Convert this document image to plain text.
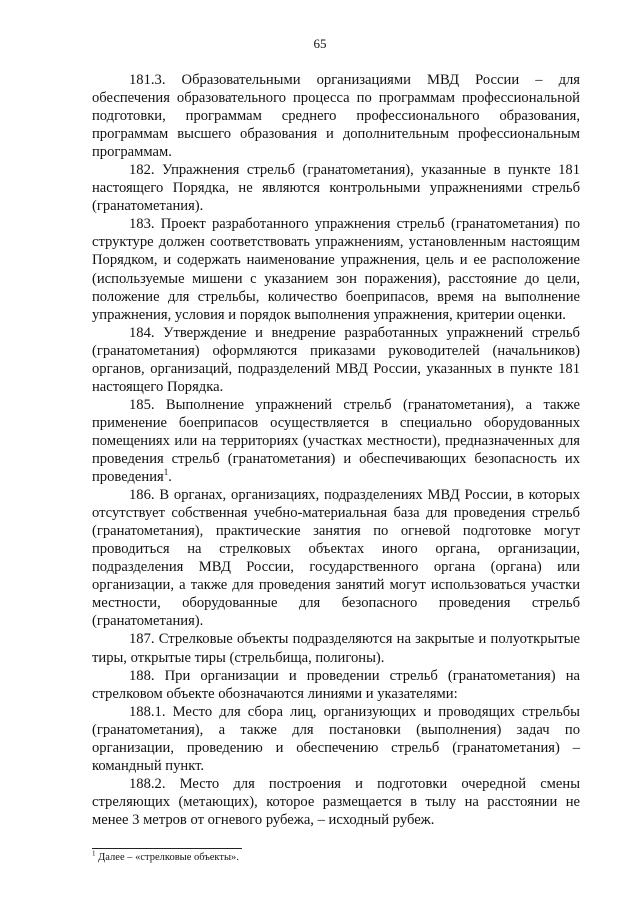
65

181.3. Образовательными организациями МВД России – для обеспечения образовательного процесса по программам профессиональной подготовки, программам среднего профессионального образования, программам высшего образования и дополнительным профессиональным программам.

182. Упражнения стрельб (гранатометания), указанные в пункте 181 настоящего Порядка, не являются контрольными упражнениями стрельб (гранатометания).

183. Проект разработанного упражнения стрельб (гранатометания) по структуре должен соответствовать упражнениям, установленным настоящим Порядком, и содержать наименование упражнения, цель и ее расположение (используемые мишени с указанием зон поражения), расстояние до цели, положение для стрельбы, количество боеприпасов, время на выполнение упражнения, условия и порядок выполнения упражнения, критерии оценки.

184. Утверждение и внедрение разработанных упражнений стрельб (гранатометания) оформляются приказами руководителей (начальников) органов, организаций, подразделений МВД России, указанных в пункте 181 настоящего Порядка.

185. Выполнение упражнений стрельб (гранатометания), а также применение боеприпасов осуществляется в специально оборудованных помещениях или на территориях (участках местности), предназначенных для проведения стрельб (гранатометания) и обеспечивающих безопасность их проведения$^1$.

186. В органах, организациях, подразделениях МВД России, в которых отсутствует собственная учебно-материальная база для проведения стрельб (гранатометания), практические занятия по огневой подготовке могут проводиться на стрелковых объектах иного органа, организации, подразделения МВД России, государственного органа (органа) или организации, а также для проведения занятий могут использоваться участки местности, оборудованные для безопасного проведения стрельб (гранатометания).

187. Стрелковые объекты подразделяются на закрытые и полуоткрытые тиры, открытые тиры (стрельбища, полигоны).

188. При организации и проведении стрельб (гранатометания) на стрелковом объекте обозначаются линиями и указателями:

188.1. Место для сбора лиц, организующих и проводящих стрельбы (гранатометания), а также для постановки (выполнения) задач по организации, проведению и обеспечению стрельб (гранатометания) – командный пункт.

188.2. Место для построения и подготовки очередной смены стреляющих (метающих), которое размещается в тылу на расстоянии не менее 3 метров от огневого рубежа, – исходный рубеж.

$^1$ Далее – «стрелковые объекты».
